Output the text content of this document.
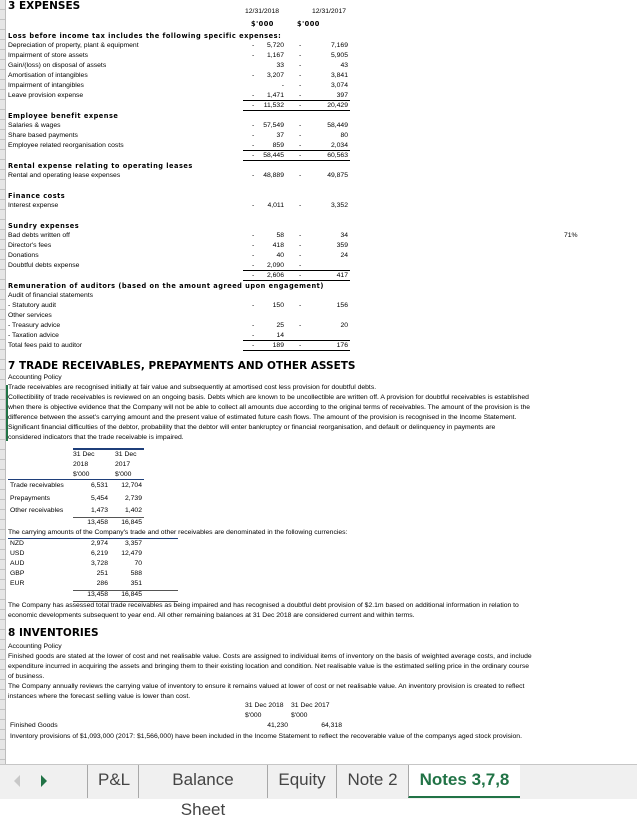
3 EXPENSES	12/31/2018	12/31/2017
$'000	$'000
Loss before income tax includes the following specific expenses:
Depreciation of property, plant & equipment	- 5,720 -	7,169
Impairment of store assets	- 1,167 -	5,905
Gain/(loss) on disposal of assets	33 -	43
Amortisation of intangibles	- 3,207 -	3,841
Impairment of intangibles	- -	3,074
Leave provision expense	- 1,471 -	397
- 11,532 -	20,429
Employee benefit expense
Salaries & wages	- 57,549 -	58,449
Share based payments	-	37 -	80
Employee related reorganisation costs	-	859 -	2,034
- 58,445 -	60,563
Rental expense relating to operating leases
Rental and operating lease expenses	- 48,889 -	49,875
Finance costs
Interest expense	- 4,011 -	3,352
Sundry expenses
Bad debts written off	-	58 -	34	71%
Director's fees	-	418 -	359
Donations	-	40 -	24
Doubtful debts expense	- 2,090 -
- 2,606 -	417
Remuneration of auditors (based on the amount agreed upon engagement)
Audit of financial statements
- Statutory audit	-	150 -	156
Other services
- Treasury advice	-	25 -	20
- Taxation advice	-	14
Total fees paid to auditor	-	189 -	176
7 TRADE RECEIVABLES, PREPAYMENTS AND OTHER ASSETS
Accounting Policy
Trade receivables are recognised initially at fair value and subsequently at amortised cost less provision for doubtful debts.
Collectibility of trade receivables is reviewed on an ongoing basis. Debts which are known to be uncollectible are written off. A provision for doubtful receivables is established
when there is objective evidence that the Company will not be able to collect all amounts due according to the original terms of receivables. The amount of the provision is the
difference between the asset's carrying amount and the present value of estimated future cash flows. The amount of the provision is recognised in the Income Statement.
Significant financial difficulties of the debtor, probability that the debtor will enter bankruptcy or financial reorganisation, and default or delinquency in payments are
considered indicators that the trade receivable is impaired.
31 Dec	31 Dec
2018	2017
$'000	$'000
Trade receivables	6,531 12,704
Prepayments	5,454 2,739
Other receivables	1,473 1,402
13,458 16,845
The carrying amounts of the Company's trade and other receivables are denominated in the following currencies:
NZD	2,974 3,357
USD	6,219 12,479
AUD	3,728	70
GBP	251	588
EUR	286	351
13,458 16,845
The Company has assessed total trade receivables as being impaired and has recognised a doubtful debt provision of $2.1m based on additional information in relation to
economic developments subsequent to year end. All other remaining balances at 31 Dec 2018 are considered current and within terms.
8 INVENTORIES
Accounting Policy
Finished goods are stated at the lower of cost and net realisable value. Costs are assigned to individual items of inventory on the basis of weighted average costs, and include
expenditure incurred in acquiring the assets and bringing them to their existing location and condition. Net realisable value is the estimated selling price in the ordinary course
of business.
The Company annually reviews the carrying value of inventory to ensure it remains valued at lower of cost or net realisable value. An inventory provision is created to reflect
instances where the forecast selling value is lower than cost.
31 Dec 2018 31 Dec 2017
$'000	$'000
Finished Goods	41,230	64,318
Inventory provisions of $1,093,000 (2017: $1,566,000) have been included in the Income Statement to reflect the recoverable value of the companys aged stock provision.
P&L	Balance Sheet
Equity	Note 2	Notes 3,7,8
